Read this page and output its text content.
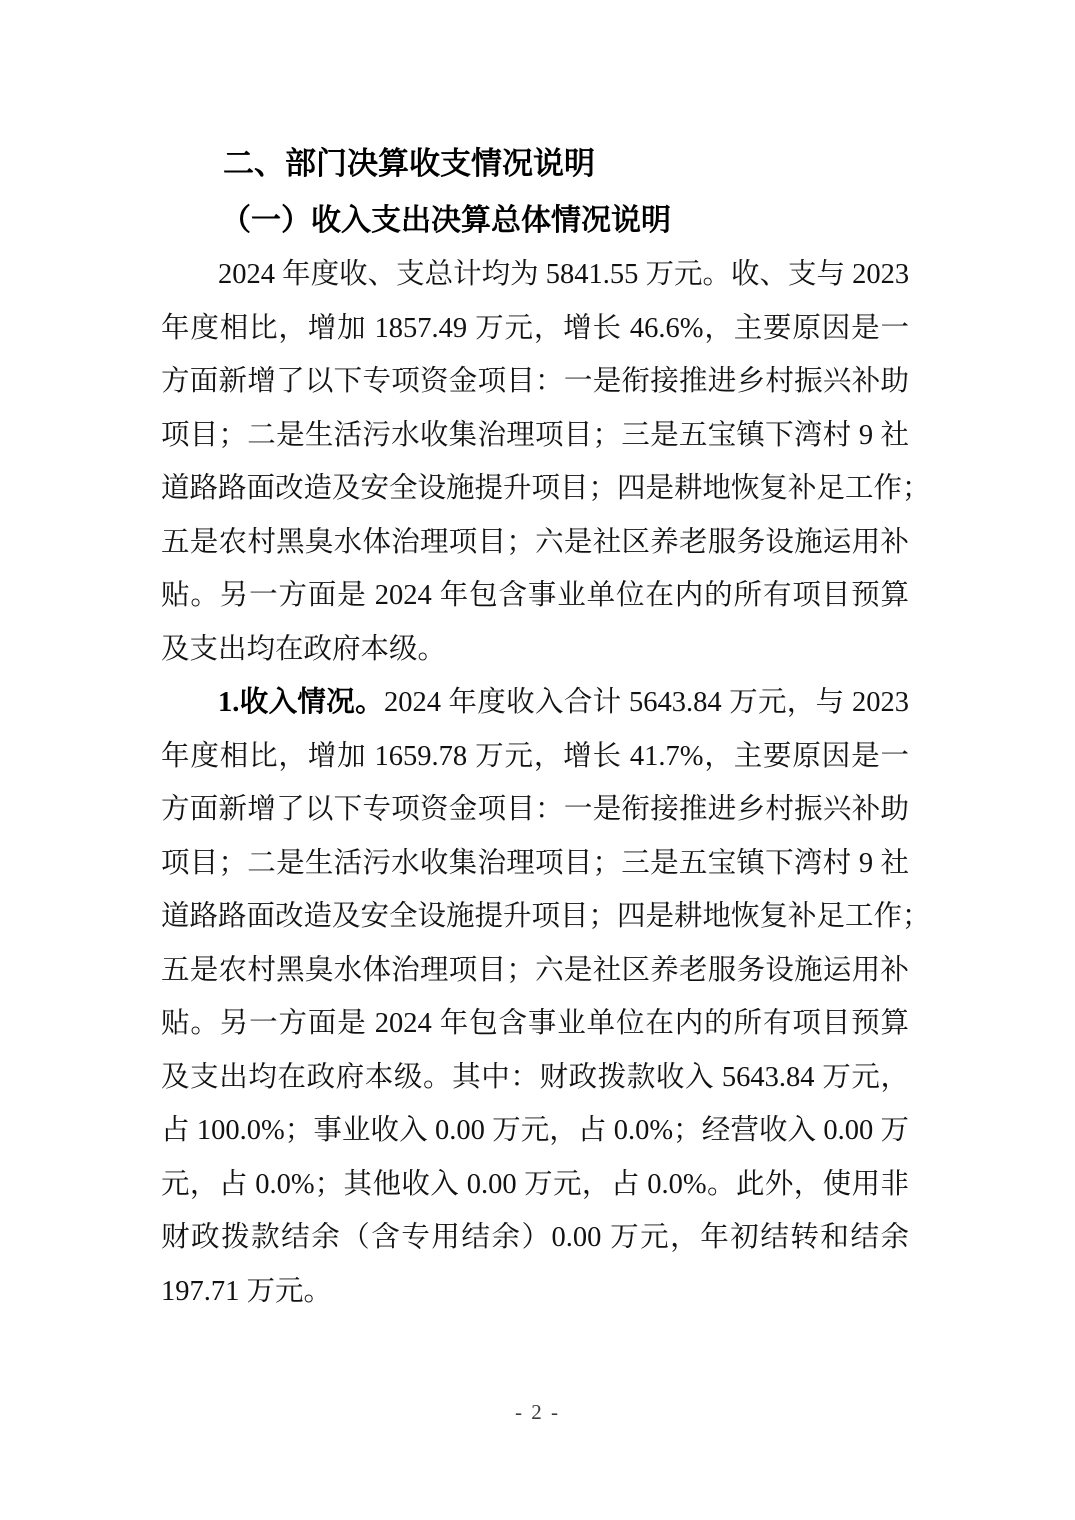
二、部门决算收支情况说明
（一）收入支出决算总体情况说明
2024 年度收、支总计均为 5841.55 万元。收、支与 2023
年度相比，增加 1857.49 万元，增长 46.6%，主要原因是一
方面新增了以下专项资金项目：一是衔接推进乡村振兴补助
项目；二是生活污水收集治理项目；三是五宝镇下湾村 9 社
道路路面改造及安全设施提升项目；四是耕地恢复补足工作；
五是农村黑臭水体治理项目；六是社区养老服务设施运用补
贴。另一方面是 2024 年包含事业单位在内的所有项目预算
及支出均在政府本级。
1.收入情况。2024 年度收入合计 5643.84 万元，与 2023
年度相比，增加 1659.78 万元，增长 41.7%，主要原因是一
方面新增了以下专项资金项目：一是衔接推进乡村振兴补助
项目；二是生活污水收集治理项目；三是五宝镇下湾村 9 社
道路路面改造及安全设施提升项目；四是耕地恢复补足工作；
五是农村黑臭水体治理项目；六是社区养老服务设施运用补
贴。另一方面是 2024 年包含事业单位在内的所有项目预算
及支出均在政府本级。其中：财政拨款收入 5643.84 万元，
占 100.0%；事业收入 0.00 万元，占 0.0%；经营收入 0.00 万
元，占 0.0%；其他收入 0.00 万元，占 0.0%。此外，使用非
财政拨款结余（含专用结余）0.00 万元，年初结转和结余
197.71 万元。
- 2 -
